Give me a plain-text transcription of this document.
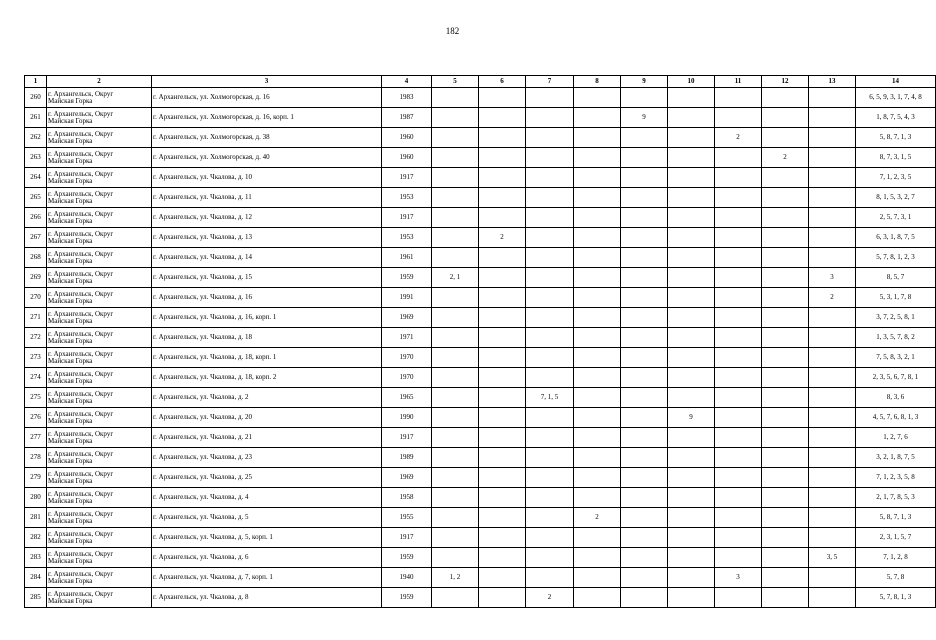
182
1	2	3	4	5	6	7	8	9	10	11	12	13	14
260	г. Архангельск, Округ
Майская Горка	г. Архангельск, ул. Холмогорская, д. 16	1983										6, 5, 9, 3, 1, 7, 4, 8
261	г. Архангельск, Округ
Майская Горка	г. Архангельск, ул. Холмогорская, д. 16, корп. 1	1987					9					1, 8, 7, 5, 4, 3
262	г. Архангельск, Округ
Майская Горка	г. Архангельск, ул. Холмогорская, д. 38	1960							2			5, 8, 7, 1, 3
263	г. Архангельск, Округ
Майская Горка	г. Архангельск, ул. Холмогорская, д. 40	1960								2		8, 7, 3, 1, 5
264	г. Архангельск, Округ
Майская Горка	г. Архангельск, ул. Чкалова, д. 10	1917										7, 1, 2, 3, 5
265	г. Архангельск, Округ
Майская Горка	г. Архангельск, ул. Чкалова, д. 11	1953										8, 1, 5, 3, 2, 7
266	г. Архангельск, Округ
Майская Горка	г. Архангельск, ул. Чкалова, д. 12	1917										2, 5, 7, 3, 1
267	г. Архангельск, Округ
Майская Горка	г. Архангельск, ул. Чкалова, д. 13	1953		2								6, 3, 1, 8, 7, 5
268	г. Архангельск, Округ
Майская Горка	г. Архангельск, ул. Чкалова, д. 14	1961										5, 7, 8, 1, 2, 3
269	г. Архангельск, Округ
Майская Горка	г. Архангельск, ул. Чкалова, д. 15	1959	2, 1								3	8, 5, 7
270	г. Архангельск, Округ
Майская Горка	г. Архангельск, ул. Чкалова, д. 16	1991									2	5, 3, 1, 7, 8
271	г. Архангельск, Округ
Майская Горка	г. Архангельск, ул. Чкалова, д. 16, корп. 1	1969										3, 7, 2, 5, 8, 1
272	г. Архангельск, Округ
Майская Горка	г. Архангельск, ул. Чкалова, д. 18	1971										1, 3, 5, 7, 8, 2
273	г. Архангельск, Округ
Майская Горка	г. Архангельск, ул. Чкалова, д. 18, корп. 1	1970										7, 5, 8, 3, 2, 1
274	г. Архангельск, Округ
Майская Горка	г. Архангельск, ул. Чкалова, д. 18, корп. 2	1970										2, 3, 5, 6, 7, 8, 1
275	г. Архангельск, Округ
Майская Горка	г. Архангельск, ул. Чкалова, д. 2	1965			7, 1, 5							8, 3, 6
276	г. Архангельск, Округ
Майская Горка	г. Архангельск, ул. Чкалова, д. 20	1990						9				4, 5, 7, 6, 8, 1, 3
277	г. Архангельск, Округ
Майская Горка	г. Архангельск, ул. Чкалова, д. 21	1917										1, 2, 7, 6
278	г. Архангельск, Округ
Майская Горка	г. Архангельск, ул. Чкалова, д. 23	1989										3, 2, 1, 8, 7, 5
279	г. Архангельск, Округ
Майская Горка	г. Архангельск, ул. Чкалова, д. 25	1969										7, 1, 2, 3, 5, 8
280	г. Архангельск, Округ
Майская Горка	г. Архангельск, ул. Чкалова, д. 4	1958										2, 1, 7, 8, 5, 3
281	г. Архангельск, Округ
Майская Горка	г. Архангельск, ул. Чкалова, д. 5	1955				2						5, 8, 7, 1, 3
282	г. Архангельск, Округ
Майская Горка	г. Архангельск, ул. Чкалова, д. 5, корп. 1	1917										2, 3, 1, 5, 7
283	г. Архангельск, Округ
Майская Горка	г. Архангельск, ул. Чкалова, д. 6	1959									3, 5	7, 1, 2, 8
284	г. Архангельск, Округ
Майская Горка	г. Архангельск, ул. Чкалова, д. 7, корп. 1	1940	1, 2						3			5, 7, 8
285	г. Архангельск, Округ
Майская Горка	г. Архангельск, ул. Чкалова, д. 8	1959			2							5, 7, 8, 1, 3
